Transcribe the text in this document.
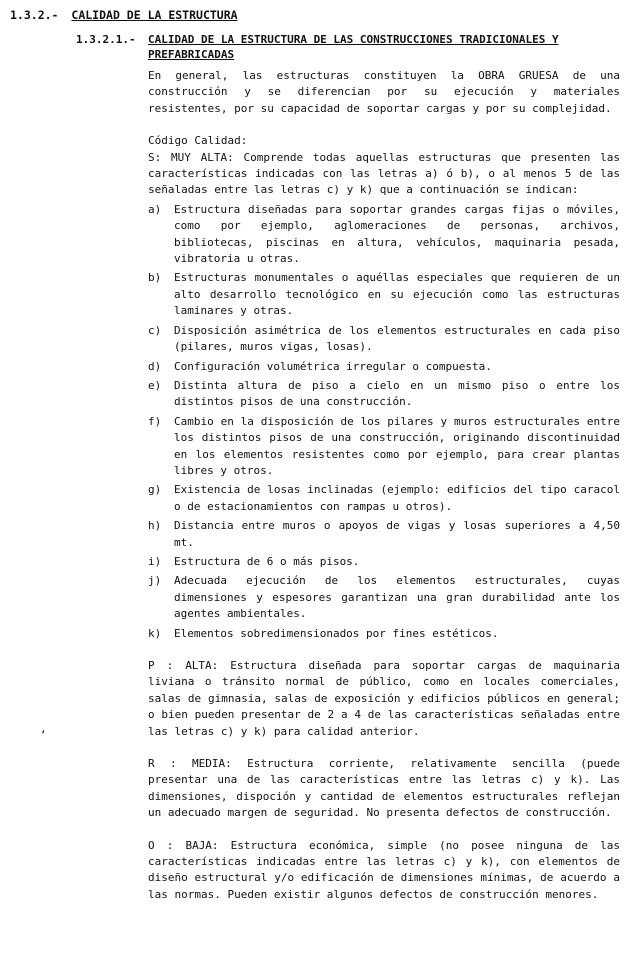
1.3.2.- CALIDAD DE LA ESTRUCTURA
1.3.2.1.- CALIDAD DE LA ESTRUCTURA DE LAS CONSTRUCCIONES TRADICIONALES Y PREFABRICADAS

En general, las estructuras constituyen la OBRA GRUESA de una construcción y se diferencian por su ejecución y materiales resistentes, por su capacidad de soportar cargas y por su complejidad.

Código Calidad:

S: MUY ALTA: Comprende todas aquellas estructuras que presenten las características indicadas con las letras a) ó b), o al menos 5 de las señaladas entre las letras c) y k) que a continuación se indican:

a)	Estructura diseñadas para soportar grandes cargas fijas o móviles, como por ejemplo, aglomeraciones de personas, archivos, bibliotecas, piscinas en altura, vehículos, maquinaria pesada, vibratoria u otras.
b)	Estructuras monumentales o aquéllas especiales que requieren de un alto desarrollo tecnológico en su ejecución como las estructuras laminares y otras.
c)	Disposición asimétrica de los elementos estructurales en cada piso (pilares, muros vigas, losas).
d)	Configuración volumétrica irregular o compuesta.
e)	Distinta altura de piso a cielo en un mismo piso o entre los distintos pisos de una construcción.
f)	Cambio en la disposición de los pilares y muros estructurales entre los distintos pisos de una construcción, originando discontinuidad en los elementos resistentes como por ejemplo, para crear plantas libres y otros.
g)	Existencia de losas inclinadas (ejemplo: edificios del tipo caracol o de estacionamientos con rampas u otros).
h)	Distancia entre muros o apoyos de vigas y losas superiores a 4,50 mt.
i)	Estructura de 6 o más pisos.
j)	Adecuada ejecución de los elementos estructurales, cuyas dimensiones y espesores garantizan una gran durabilidad ante los agentes ambientales.
k)	Elementos sobredimensionados por fines estéticos.

P : ALTA: Estructura diseñada para soportar cargas de maquinaria liviana o tránsito normal de público, como en locales comerciales, salas de gimnasia, salas de exposición y edificios públicos en general; o bien pueden presentar de 2 a 4 de las características señaladas entre las letras c) y k) para calidad anterior.

R : MEDIA: Estructura corriente, relativamente sencilla (puede presentar una de las características entre las letras c) y k). Las dimensiones, dispoción y cantidad de elementos estructurales reflejan un adecuado margen de seguridad. No presenta defectos de construcción.

O : BAJA: Estructura económica, simple (no posee ninguna de las características indicadas entre las letras c) y k), con elementos de diseño estructural y/o edificación de dimensiones mínimas, de acuerdo a las normas. Pueden existir algunos defectos de construcción menores.

,
